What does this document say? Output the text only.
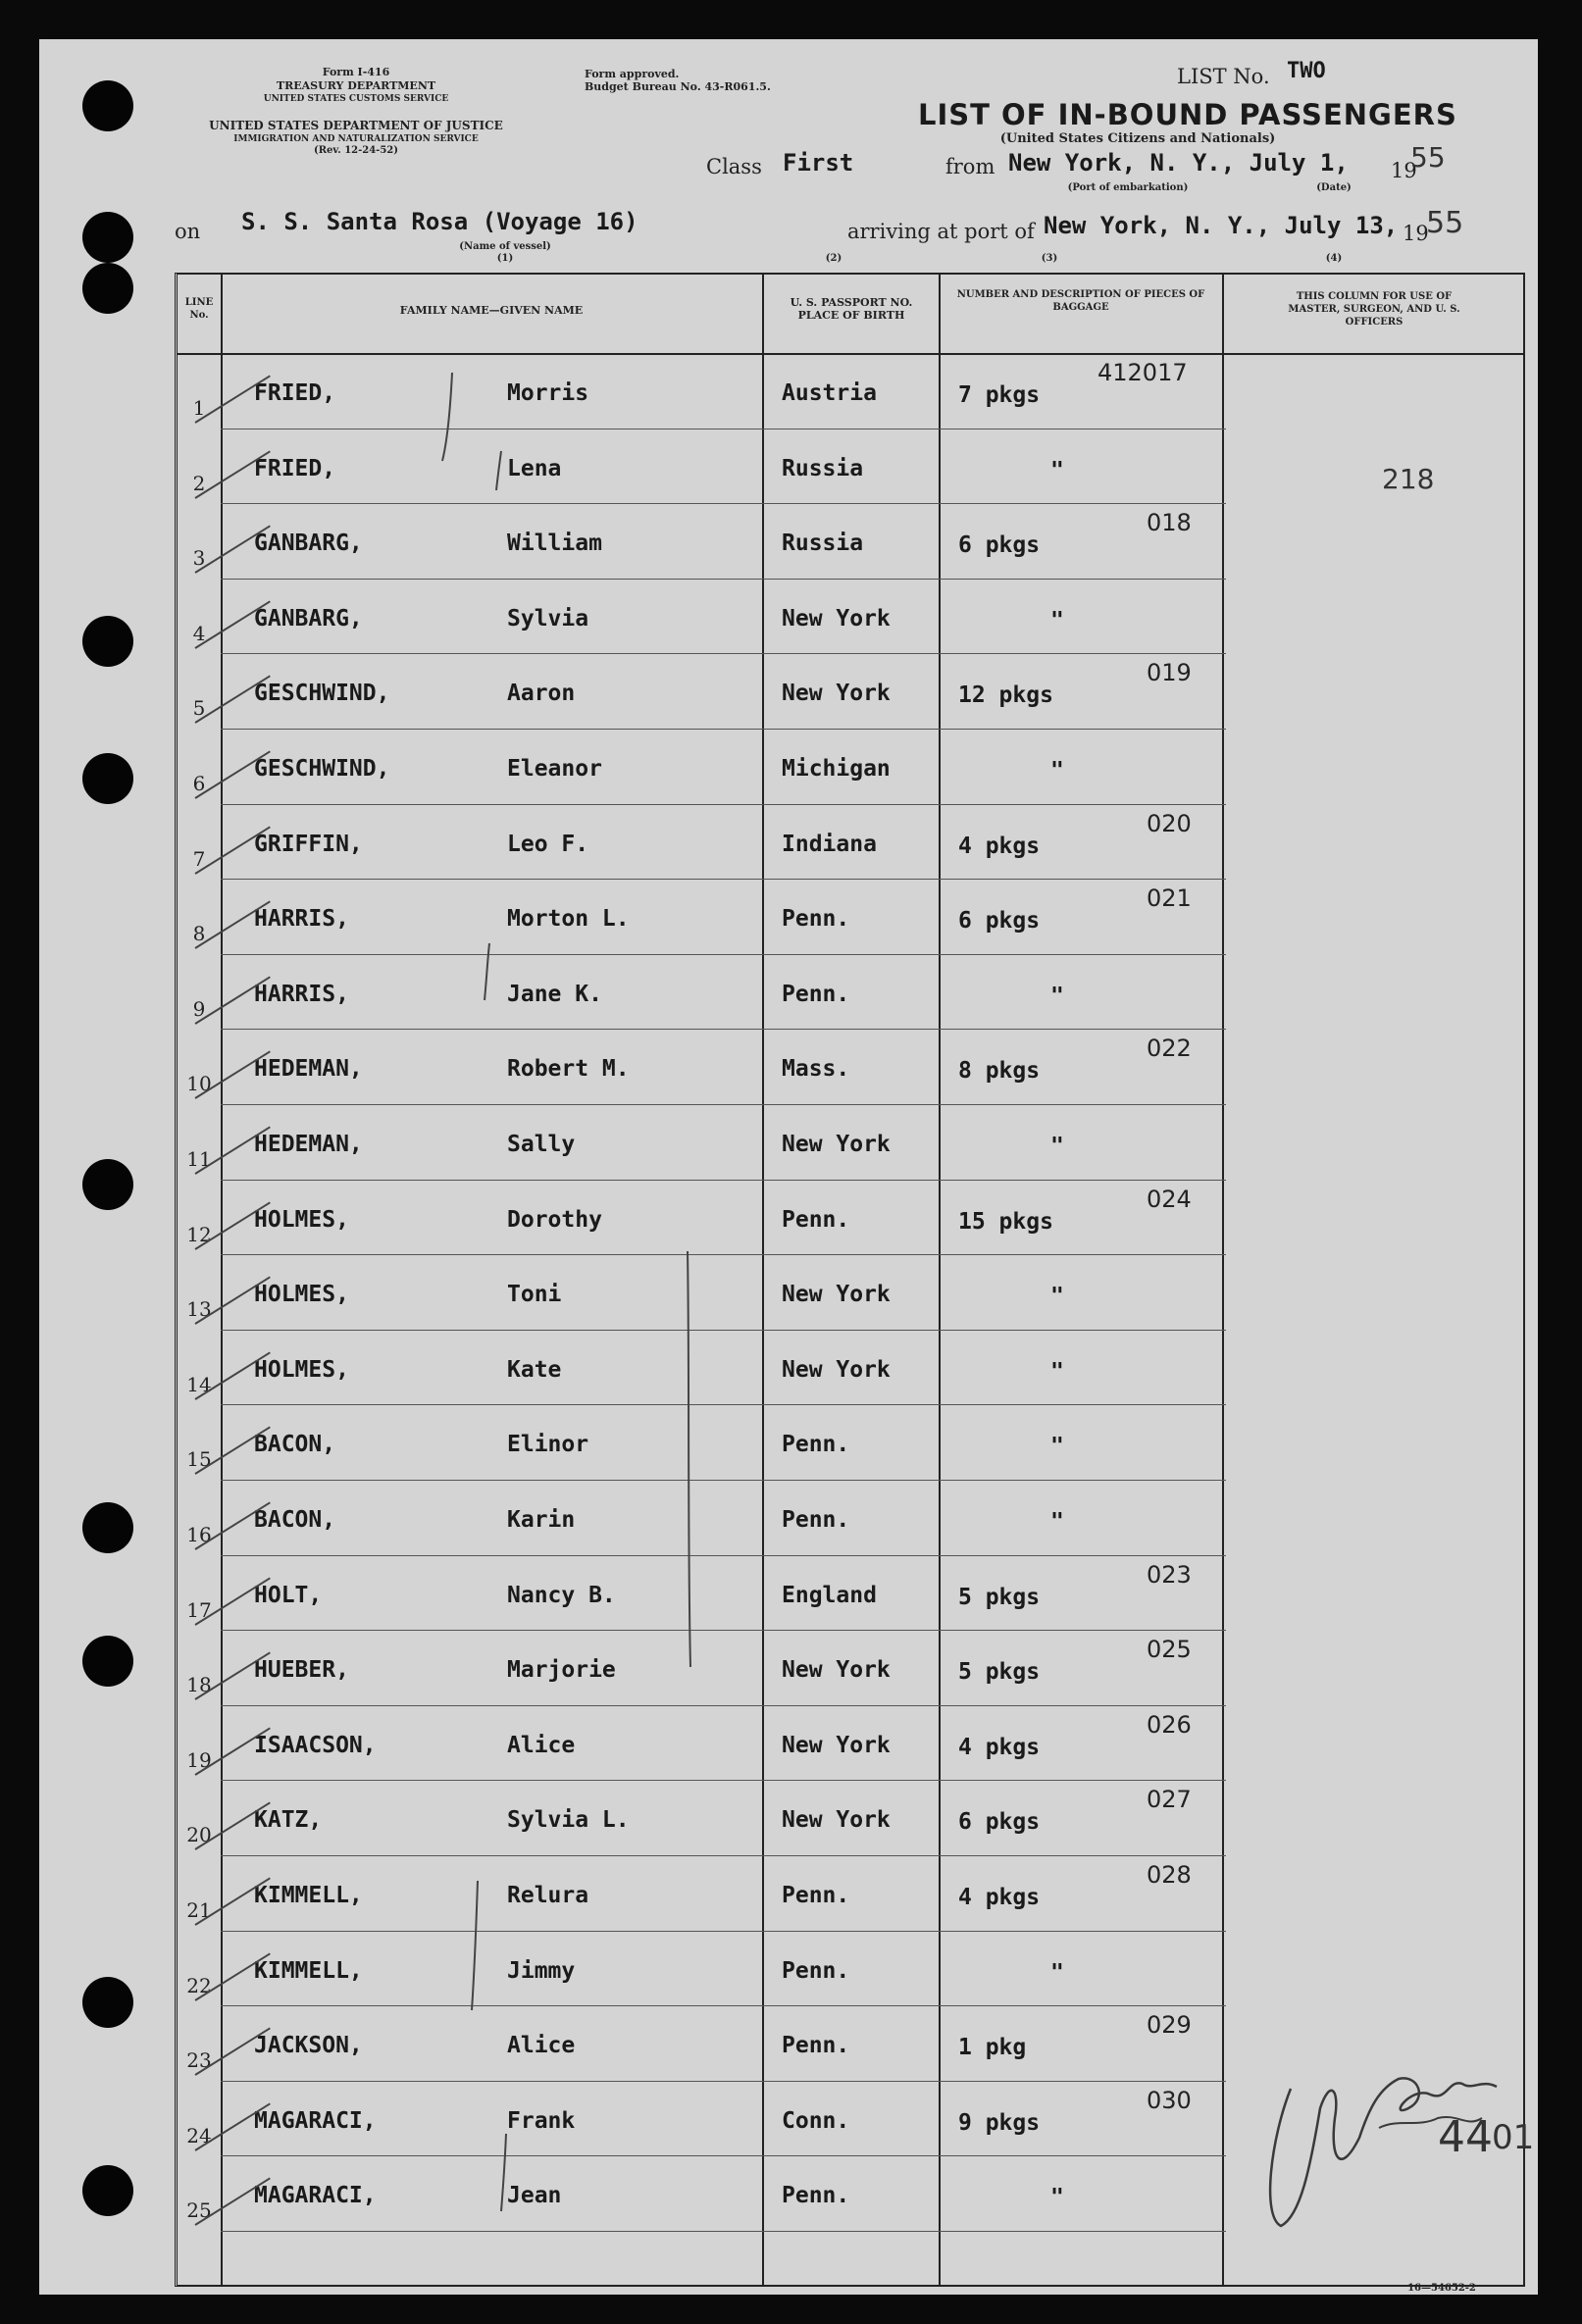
Form I-416
TREASURY DEPARTMENT
UNITED STATES CUSTOMS SERVICE
UNITED STATES DEPARTMENT OF JUSTICE
IMMIGRATION AND NATURALIZATION SERVICE
(Rev. 12-24-52)
Form approved.
Budget Bureau No. 43-R061.5.	LIST No. TWO
LIST OF IN-BOUND PASSENGERS
(United States Citizens and Nationals)
Class First	from New York, N. Y., July 1, 19
55
(Port of embarkation)	(Date)
on S. S. Santa Rosa (Voyage 16)
(Name of vessel)
(1)
arriving at port of New York, N. Y., July 13, 19
55
(2)	(3)	(4)
LINE No.	FAMILY NAME—GIVEN NAME
U. S. PASSPORT NO. PLACE OF BIRTH
NUMBER AND DESCRIPTION OF PIECES OF BAGGAGE
THIS COLUMN FOR USE OF MASTER, SURGEON, AND U. S. OFFICERS
1
FRIED,	Morris	Austria	7 pkgs
412017
2
FRIED,	Lena	Russia	"
3
GANBARG,	William	Russia	6 pkgs
018
4
GANBARG,	Sylvia	New York	"
5
GESCHWIND,	Aaron	New York	12 pkgs
019
6
GESCHWIND,	Eleanor	Michigan	"
7
GRIFFIN,	Leo F.	Indiana	4 pkgs
020
8
HARRIS,	Morton L.	Penn.	6 pkgs
021
9
HARRIS,	Jane K.	Penn.	"
10
HEDEMAN,	Robert M.	Mass.	8 pkgs
022
11
HEDEMAN,	Sally	New York	"
12
HOLMES,	Dorothy	Penn.	15 pkgs
024
13
HOLMES,	Toni	New York	"
14
HOLMES,	Kate	New York	"
15
BACON,	Elinor	Penn.	"
16
BACON,	Karin	Penn.	"
17
HOLT,	Nancy B.	England	5 pkgs
023
18
HUEBER,	Marjorie	New York	5 pkgs
025
19
ISAACSON,	Alice	New York	4 pkgs
026
20
KATZ,	Sylvia L.	New York	6 pkgs
027
21
KIMMELL,	Relura	Penn.	4 pkgs
028
22
KIMMELL,	Jimmy	Penn.	"
23
JACKSON,	Alice	Penn.	1 pkg
029
24
MAGARACI,	Frank	Conn.	9 pkgs
030
25
MAGARACI,	Jean	Penn.	"
218
44 01
16—54652-2
